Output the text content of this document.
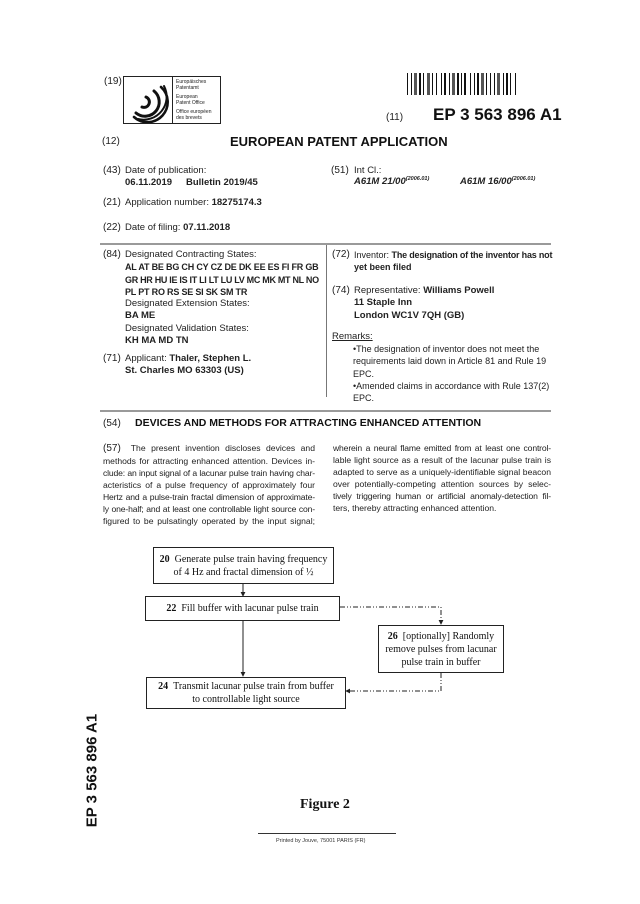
(19)	Europäisches
Patentamt
European
Patent Office
Office européen
des brevets	(11) EP 3 563 896 A1
(12)	EUROPEAN PATENT APPLICATION
(43) Date of publication:
06.11.2019 Bulletin 2019/45
(51) Int Cl.:
A61M $21/00^{(2006.01)}$	A61M $16/00^{(2006.01)}$
(21) Application number: 18275174.3
(22) Date of filing: 07.11.2018
(84) Designated Contracting States:
AL AT BE BG CH CY CZ DE DK EE ES FI FR GB
GR HR HU IE IS IT LI LT LU LV MC MK MT NL NO
PL PT RO RS SE SI SK SM TR
Designated Extension States:
BA ME
Designated Validation States:
KH MA MD TN
(71) Applicant: Thaler, Stephen L.
St. Charles MO 63303 (US)
(72) Inventor: The designation of the inventor has not
yet been filed
(74) Representative: Williams Powell
11 Staple Inn
London WC1V 7QH (GB)
Remarks:
•The designation of inventor does not meet the
requirements laid down in Article 81 and Rule 19
EPC.
•Amended claims in accordance with Rule 137(2)
EPC.
(54) DEVICES AND METHODS FOR ATTRACTING ENHANCED ATTENTION
(57) The present invention discloses devices and
methods for attracting enhanced attention. Devices in-
clude: an input signal of a lacunar pulse train having char-
acteristics of a pulse frequency of approximately four
Hertz and a pulse-train fractal dimension of approximate-
ly one-half; and at least one controllable light source con-
figured to be pulsatingly operated by the input signal;
wherein a neural flame emitted from at least one control-
lable light source as a result of the lacunar pulse train is
adapted to serve as a uniquely-identifiable signal beacon
over potentially-competing attention sources by selec-
tively triggering human or artificial anomaly-detection fil-
ters, thereby attracting enhanced attention.
20 Generate pulse train having frequency
of 4 Hz and fractal dimension of ½
22 Fill buffer with lacunar pulse train
26 [optionally] Randomly
remove pulses from lacunar
pulse train in buffer
24 Transmit lacunar pulse train from buffer
to controllable light source
Figure 2
EP 3 563 896 A1
Printed by Jouve, 75001 PARIS (FR)
